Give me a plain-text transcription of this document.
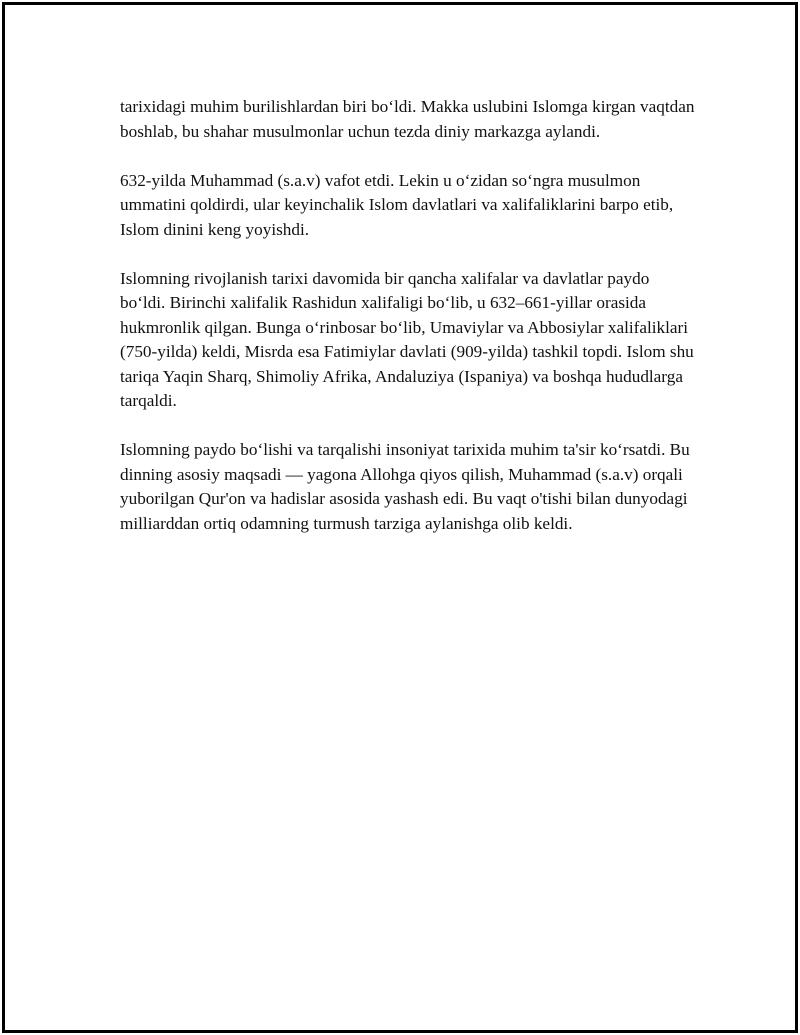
tarixidagi muhim burilishlardan biri bo‘ldi. Makka uslubini Islomga kirgan vaqtdan boshlab, bu shahar musulmonlar uchun tezda diniy markazga aylandi.

632-yilda Muhammad (s.a.v) vafot etdi. Lekin u o‘zidan so‘ngra musulmon ummatini qoldirdi, ular keyinchalik Islom davlatlari va xalifaliklarini barpo etib, Islom dinini keng yoyishdi.

Islomning rivojlanish tarixi davomida bir qancha xalifalar va davlatlar paydo bo‘ldi. Birinchi xalifalik Rashidun xalifaligi bo‘lib, u 632–661-yillar orasida hukmronlik qilgan. Bunga o‘rinbosar bo‘lib, Umaviylar va Abbosiylar xalifaliklari (750-yilda) keldi, Misrda esa Fatimiylar davlati (909-yilda) tashkil topdi. Islom shu tariqa Yaqin Sharq, Shimoliy Afrika, Andaluziya (Ispaniya) va boshqa hududlarga tarqaldi.

Islomning paydo bo‘lishi va tarqalishi insoniyat tarixida muhim ta'sir ko‘rsatdi. Bu dinning asosiy maqsadi — yagona Allohga qiyos qilish, Muhammad (s.a.v) orqali yuborilgan Qur'on va hadislar asosida yashash edi. Bu vaqt o'tishi bilan dunyodagi milliarddan ortiq odamning turmush tarziga aylanishga olib keldi.
